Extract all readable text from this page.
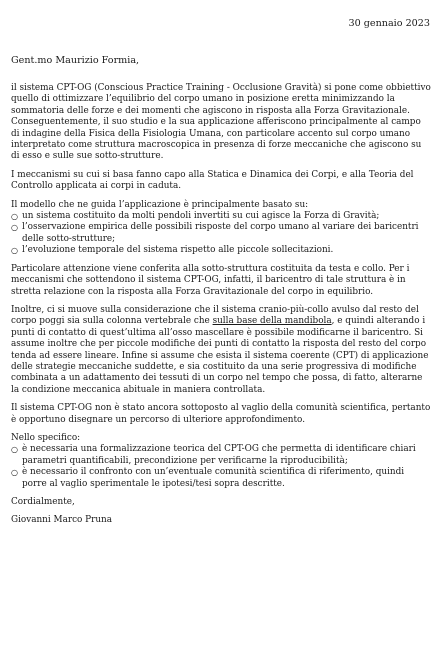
30 gennaio 2023
Gent.mo Maurizio Formia,

il sistema CPT-OG (Conscious Practice Training - Occlusione Gravità) si pone come obbiettivo quello di ottimizzare l’equilibrio del corpo umano in posizione eretta minimizzando la sommatoria delle forze e dei momenti che agiscono in risposta alla Forza Gravitazionale. Conseguentemente, il suo studio e la sua applicazione afferiscono principalmente al campo di indagine della Fisica della Fisiologia Umana, con particolare accento sul corpo umano interpretato come struttura macroscopica in presenza di forze meccaniche che agiscono su di esso e sulle sue sotto-strutture.

I meccanismi su cui si basa fanno capo alla Statica e Dinamica dei Corpi, e alla Teoria del Controllo applicata ai corpi in caduta.

Il modello che ne guida l’applicazione è principalmente basato su:

○ un sistema costituito da molti pendoli invertiti su cui agisce la Forza di Gravità;
○ l’osservazione empirica delle possibili risposte del corpo umano al variare dei baricentri delle sotto-strutture;
○ l’evoluzione temporale del sistema rispetto alle piccole sollecitazioni.

Particolare attenzione viene conferita alla sotto-struttura costituita da testa e collo. Per i meccanismi che sottendono il sistema CPT-OG, infatti, il baricentro di tale struttura è in stretta relazione con la risposta alla Forza Gravitazionale del corpo in equilibrio.

Inoltre, ci si muove sulla considerazione che il sistema cranio-più-collo avulso dal resto del corpo poggi sia sulla colonna vertebrale che sulla base della mandibola, e quindi alterando i punti di contatto di quest’ultima all’osso mascellare è possibile modificarne il baricentro. Si assume inoltre che per piccole modifiche dei punti di contatto la risposta del resto del corpo tenda ad essere lineare. Infine si assume che esista il sistema coerente (CPT) di applicazione delle strategie meccaniche suddette, e sia costituito da una serie progressiva di modifiche combinata a un adattamento dei tessuti di un corpo nel tempo che possa, di fatto, alterarne la condizione meccanica abituale in maniera controllata.

Il sistema CPT-OG non è stato ancora sottoposto al vaglio della comunità scientifica, pertanto è opportuno disegnare un percorso di ulteriore approfondimento.

Nello specifico:

○ è necessaria una formalizzazione teorica del CPT-OG che permetta di identificare chiari parametri quantificabili, precondizione per verificarne la riproducibilità;
○ è necessario il confronto con un’eventuale comunità scientifica di riferimento, quindi porre al vaglio sperimentale le ipotesi/tesi sopra descritte.

Cordialmente,

Giovanni Marco Pruna
